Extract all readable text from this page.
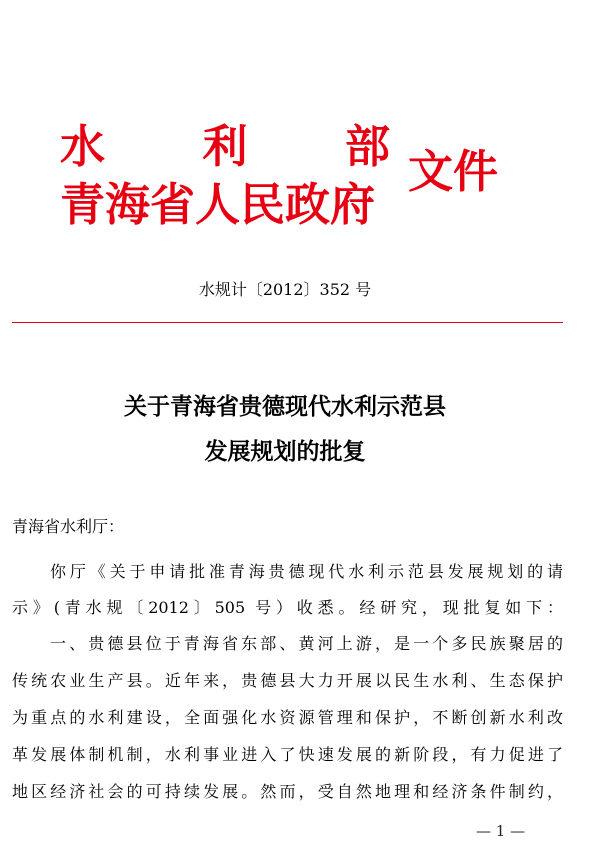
水 利 部
青海省人民政府
文件
水规计〔2012〕352 号
关于青海省贵德现代水利示范县
发展规划的批复
青海省水利厅：
你厅《关于申请批准青海贵德现代水利示范县发展规划的请
示》(青水规〔2012〕505 号）收悉。经研究，现批复如下：
一、贵德县位于青海省东部、黄河上游，是一个多民族聚居的
传统农业生产县。近年来，贵德县大力开展以民生水利、生态保护
为重点的水利建设，全面强化水资源管理和保护，不断创新水利改
革发展体制机制，水利事业进入了快速发展的新阶段，有力促进了
地区经济社会的可持续发展。然而，受自然地理和经济条件制约，
— 1 —
